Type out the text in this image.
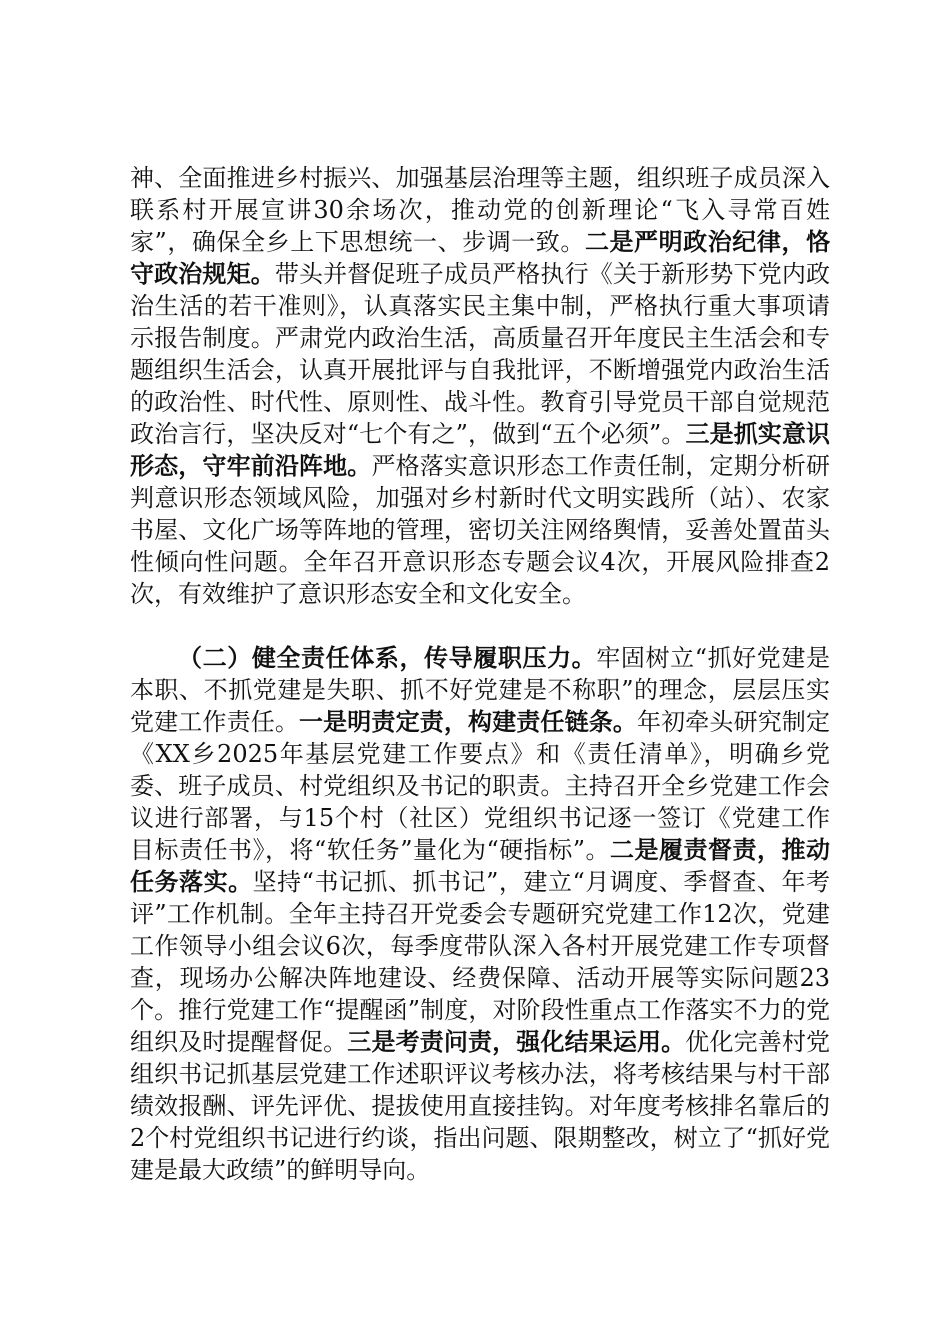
神、全面推进乡村振兴、加强基层治理等主题，组织班子成员深入联系村开展宣讲30余场次，推动党的创新理论“飞入寻常百姓家”，确保全乡上下思想统一、步调一致。二是严明政治纪律，恪守政治规矩。带头并督促班子成员严格执行《关于新形势下党内政治生活的若干准则》，认真落实民主集中制，严格执行重大事项请示报告制度。严肃党内政治生活，高质量召开年度民主生活会和专题组织生活会，认真开展批评与自我批评，不断增强党内政治生活的政治性、时代性、原则性、战斗性。教育引导党员干部自觉规范政治言行，坚决反对“七个有之”，做到“五个必须”。三是抓实意识形态，守牢前沿阵地。严格落实意识形态工作责任制，定期分析研判意识形态领域风险，加强对乡村新时代文明实践所（站）、农家书屋、文化广场等阵地的管理，密切关注网络舆情，妥善处置苗头性倾向性问题。全年召开意识形态专题会议4次，开展风险排查2次，有效维护了意识形态安全和文化安全。

（二）健全责任体系，传导履职压力。牢固树立“抓好党建是本职、不抓党建是失职、抓不好党建是不称职”的理念，层层压实党建工作责任。一是明责定责，构建责任链条。年初牵头研究制定《XX乡2025年基层党建工作要点》和《责任清单》，明确乡党委、班子成员、村党组织及书记的职责。主持召开全乡党建工作会议进行部署，与15个村（社区）党组织书记逐一签订《党建工作目标责任书》，将“软任务”量化为“硬指标”。二是履责督责，推动任务落实。坚持“书记抓、抓书记”，建立“月调度、季督查、年考评”工作机制。全年主持召开党委会专题研究党建工作12次，党建工作领导小组会议6次，每季度带队深入各村开展党建工作专项督查，现场办公解决阵地建设、经费保障、活动开展等实际问题23个。推行党建工作“提醒函”制度，对阶段性重点工作落实不力的党组织及时提醒督促。三是考责问责，强化结果运用。优化完善村党组织书记抓基层党建工作述职评议考核办法，将考核结果与村干部绩效报酬、评先评优、提拔使用直接挂钩。对年度考核排名靠后的2个村党组织书记进行约谈，指出问题、限期整改，树立了“抓好党建是最大政绩”的鲜明导向。
